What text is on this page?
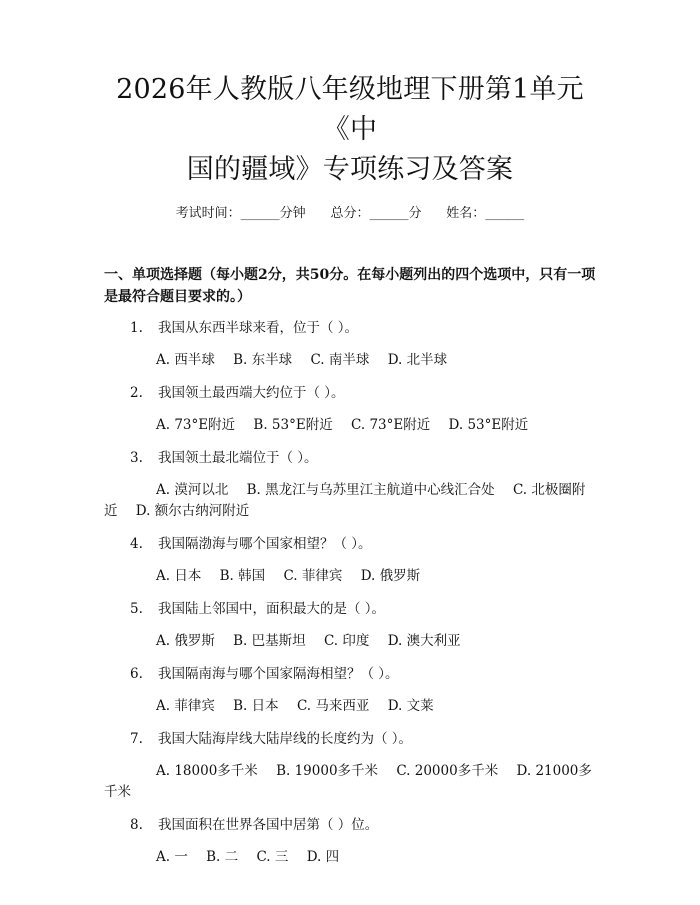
2026年人教版八年级地理下册第1单元《中
国的疆域》专项练习及答案
考试时间：______分钟 总分：______分 姓名：______
一、单项选择题（每小题2分，共50分。在每小题列出的四个选项中，只有一项是最符合题目要求的。）
1. 我国从东西半球来看，位于（ ）。
A. 西半球 B. 东半球 C. 南半球 D. 北半球
2. 我国领土最西端大约位于（ ）。
A. 73°E附近 B. 53°E附近 C. 73°E附近 D. 53°E附近
3. 我国领土最北端位于（ ）。
A. 漠河以北 B. 黑龙江与乌苏里江主航道中心线汇合处 C. 北极圈附近 D. 额尔古纳河附近
4. 我国隔渤海与哪个国家相望？（ ）。
A. 日本 B. 韩国 C. 菲律宾 D. 俄罗斯
5. 我国陆上邻国中，面积最大的是（ ）。
A. 俄罗斯 B. 巴基斯坦 C. 印度 D. 澳大利亚
6. 我国隔南海与哪个国家隔海相望？（ ）。
A. 菲律宾 B. 日本 C. 马来西亚 D. 文莱
7. 我国大陆海岸线大陆岸线的长度约为（ ）。
A. 18000多千米 B. 19000多千米 C. 20000多千米 D. 21000多千米
8. 我国面积在世界各国中居第（ ）位。
A. 一 B. 二 C. 三 D. 四
